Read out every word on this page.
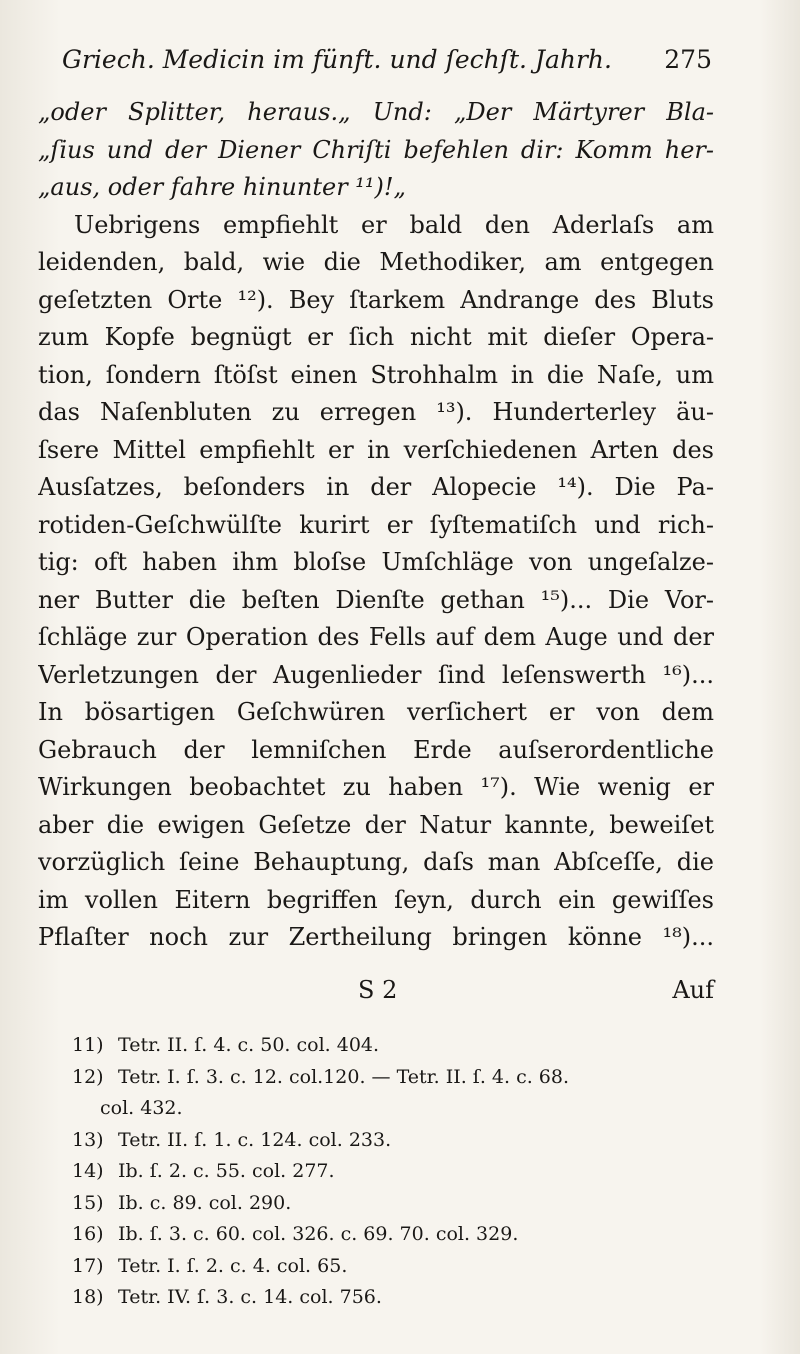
Griech. Medicin im fünft. und ſechſt. Jahrh. 275
„oder Splitter, heraus.„ Und: „Der Märtyrer Bla-
„ſius und der Diener Chriſti befehlen dir: Komm her-
„aus, oder fahre hinunter ¹¹)!„
Uebrigens empfiehlt er bald den Aderlaſs am
leidenden, bald, wie die Methodiker, am entgegen
geſetzten Orte ¹²). Bey ſtarkem Andrange des Bluts
zum Kopfe begnügt er ſich nicht mit dieſer Opera-
tion, ſondern ſtöſst einen Strohhalm in die Naſe, um
das Naſenbluten zu erregen ¹³). Hunderterley äu-
ſsere Mittel empfiehlt er in verſchiedenen Arten des
Ausſatzes, beſonders in der Alopecie ¹⁴). Die Pa-
rotiden-Geſchwülſte kurirt er ſyſtematiſch und rich-
tig: oft haben ihm bloſse Umſchläge von ungeſalze-
ner Butter die beſten Dienſte gethan ¹⁵)... Die Vor-
ſchläge zur Operation des Fells auf dem Auge und der
Verletzungen der Augenlieder ſind leſenswerth ¹⁶)...
In bösartigen Geſchwüren verſichert er von dem
Gebrauch der lemniſchen Erde auſserordentliche
Wirkungen beobachtet zu haben ¹⁷). Wie wenig er
aber die ewigen Geſetze der Natur kannte, beweiſet
vorzüglich ſeine Behauptung, daſs man Abſceſſe, die
im vollen Eitern begriffen ſeyn, durch ein gewiſſes
Pflaſter noch zur Zertheilung bringen könne ¹⁸)...
S 2	Auf
11) Tetr. II. ſ. 4. c. 50. col. 404.
12) Tetr. I. ſ. 3. c. 12. col.120. — Tetr. II. ſ. 4. c. 68.
col. 432.
13) Tetr. II. ſ. 1. c. 124. col. 233.
14) Ib. ſ. 2. c. 55. col. 277.
15) Ib. c. 89. col. 290.
16) Ib. ſ. 3. c. 60. col. 326. c. 69. 70. col. 329.
17) Tetr. I. ſ. 2. c. 4. col. 65.
18) Tetr. IV. ſ. 3. c. 14. col. 756.
